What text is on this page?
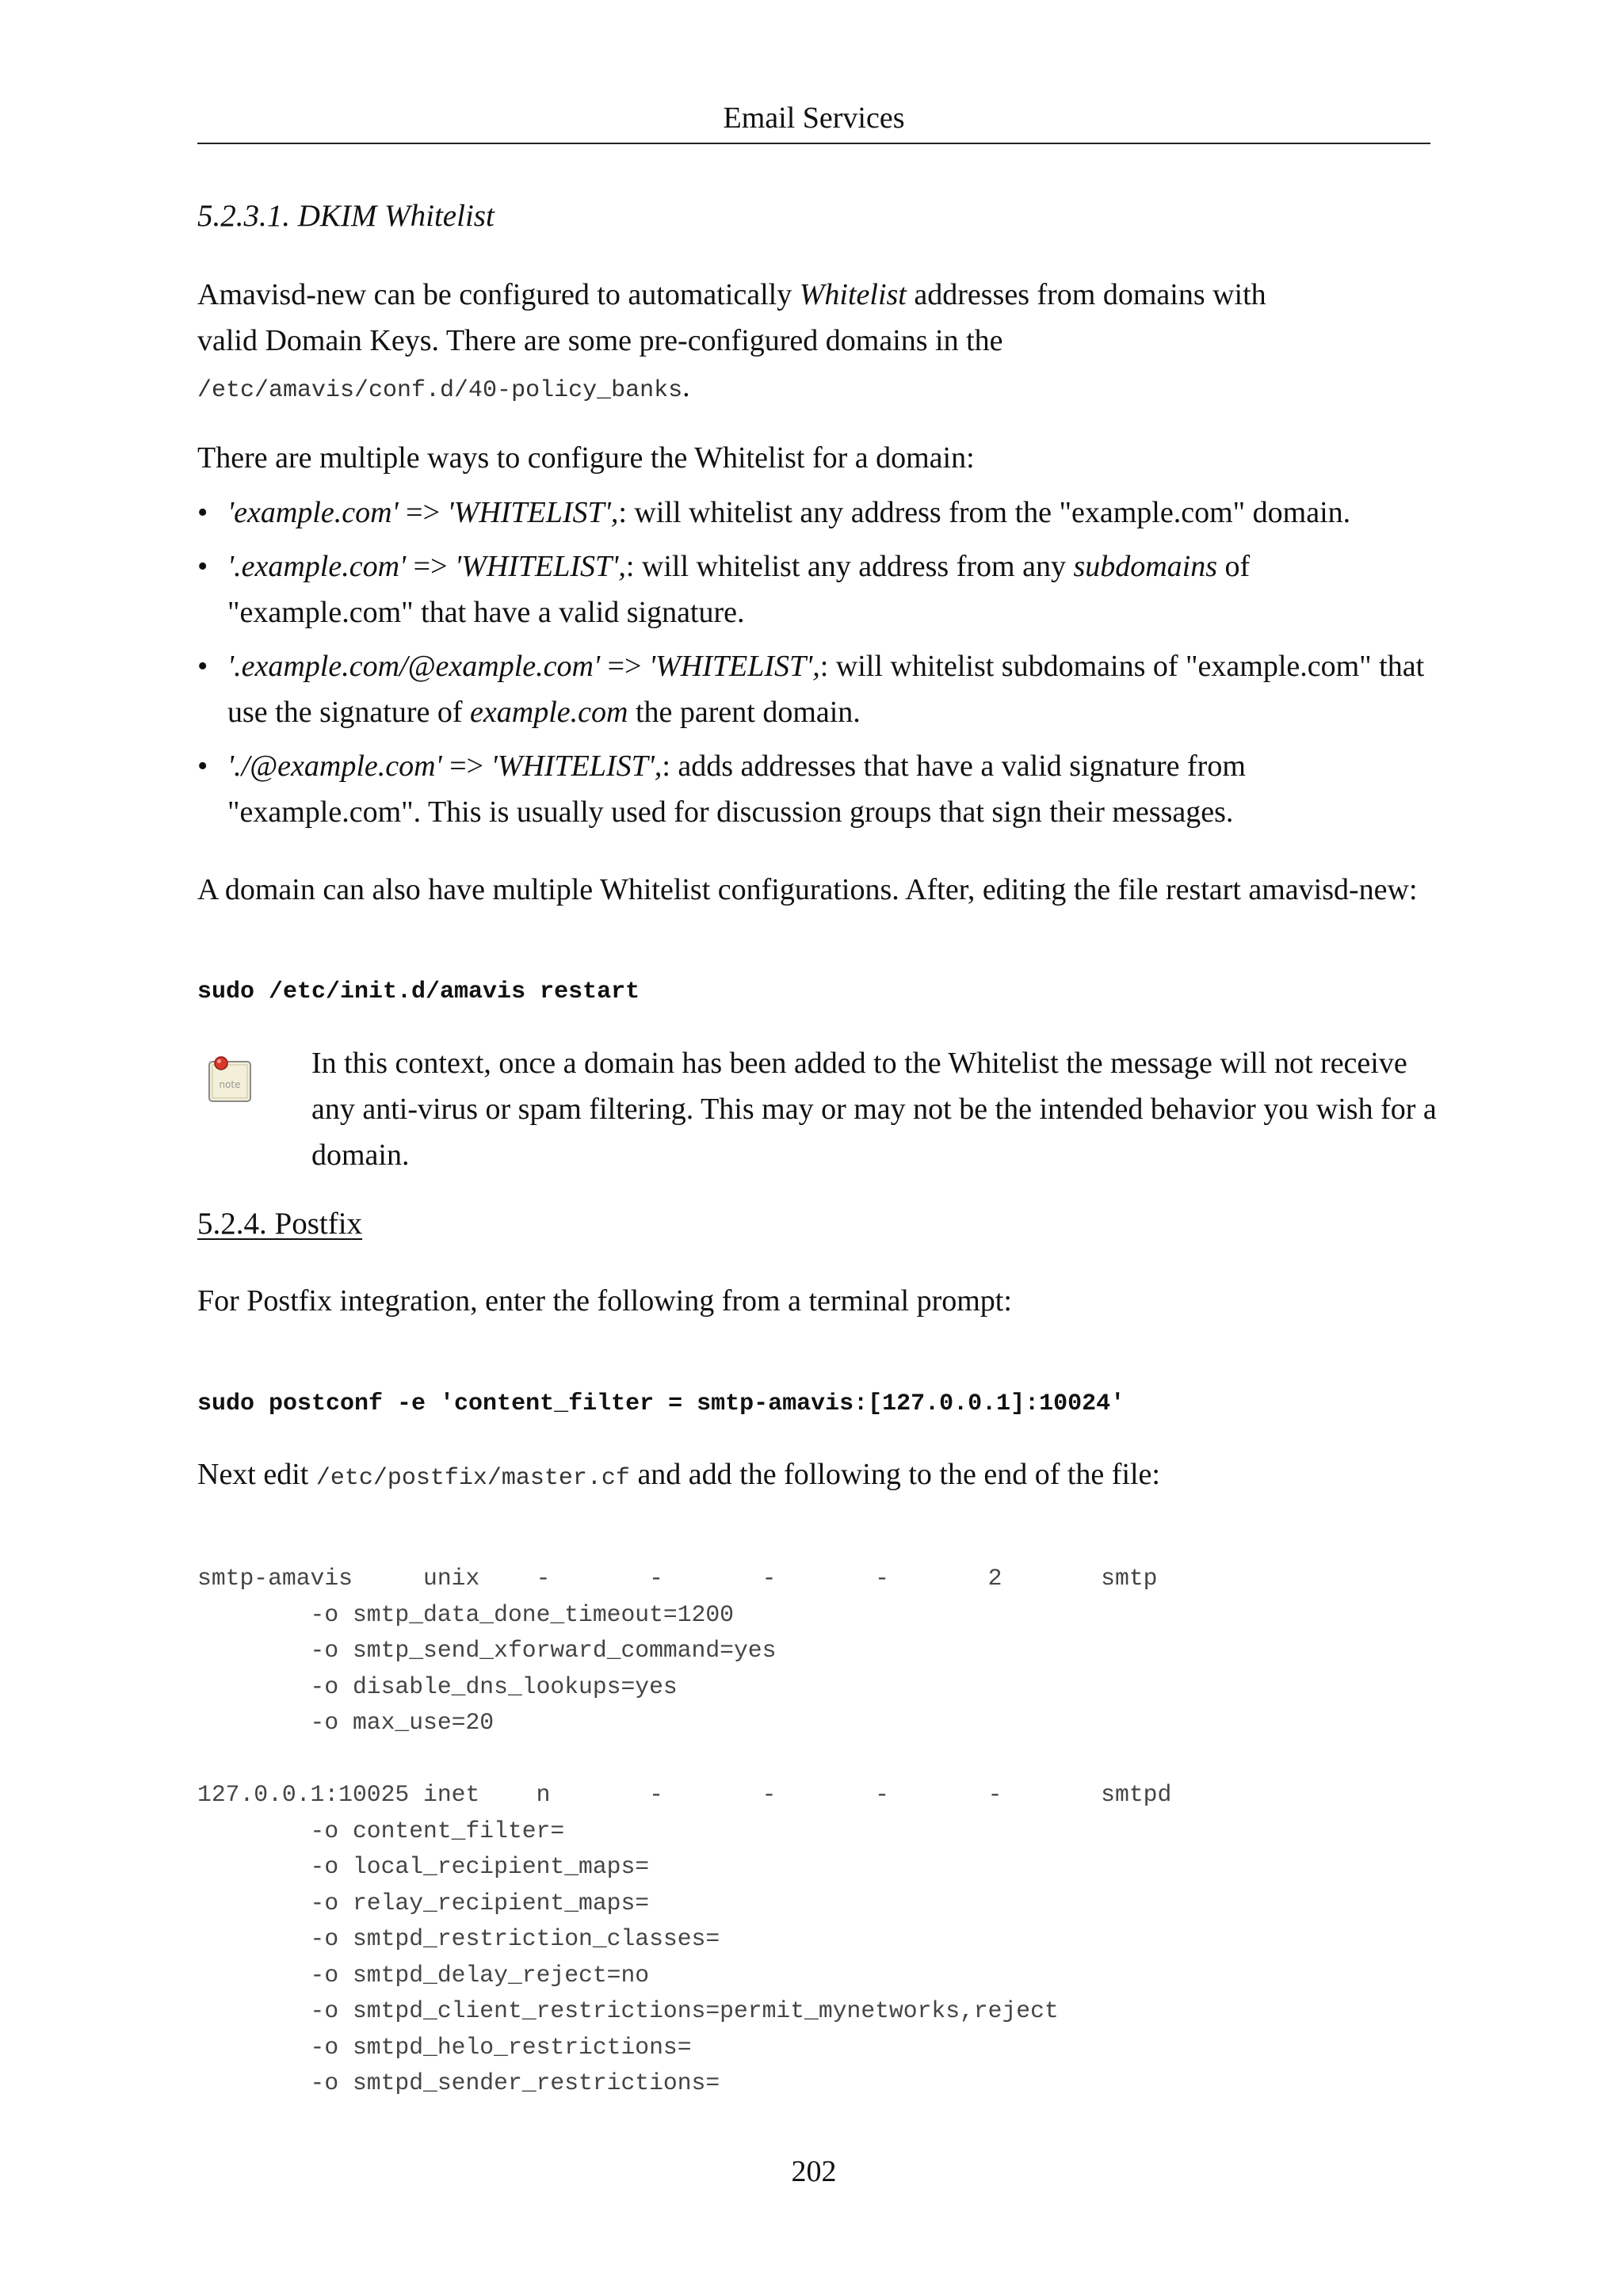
Email Services
5.2.3.1. DKIM Whitelist
Amavisd-new can be configured to automatically Whitelist addresses from domains with valid Domain Keys. There are some pre-configured domains in the /etc/amavis/conf.d/40-policy_banks.
There are multiple ways to configure the Whitelist for a domain:
• 'example.com' => 'WHITELIST',: will whitelist any address from the "example.com" domain.
• '.example.com' => 'WHITELIST',: will whitelist any address from any subdomains of "example.com" that have a valid signature.
• '.example.com/@example.com' => 'WHITELIST',: will whitelist subdomains of "example.com" that use the signature of example.com the parent domain.
• './@example.com' => 'WHITELIST',: adds addresses that have a valid signature from "example.com". This is usually used for discussion groups that sign their messages.
A domain can also have multiple Whitelist configurations. After, editing the file restart amavisd-new:
sudo /etc/init.d/amavis restart
note
In this context, once a domain has been added to the Whitelist the message will not receive any anti-virus or spam filtering. This may or may not be the intended behavior you wish for a domain.
5.2.4. Postfix
For Postfix integration, enter the following from a terminal prompt:
sudo postconf -e 'content_filter = smtp-amavis:[127.0.0.1]:10024'
Next edit /etc/postfix/master.cf and add the following to the end of the file:
smtp-amavis     unix    -       -       -       -       2       smtp
-o smtp_data_done_timeout=1200
-o smtp_send_xforward_command=yes
-o disable_dns_lookups=yes
-o max_use=20

127.0.0.1:10025 inet    n       -       -       -       -       smtpd
-o content_filter=
-o local_recipient_maps=
-o relay_recipient_maps=
-o smtpd_restriction_classes=
-o smtpd_delay_reject=no
-o smtpd_client_restrictions=permit_mynetworks,reject
-o smtpd_helo_restrictions=
-o smtpd_sender_restrictions=
202
